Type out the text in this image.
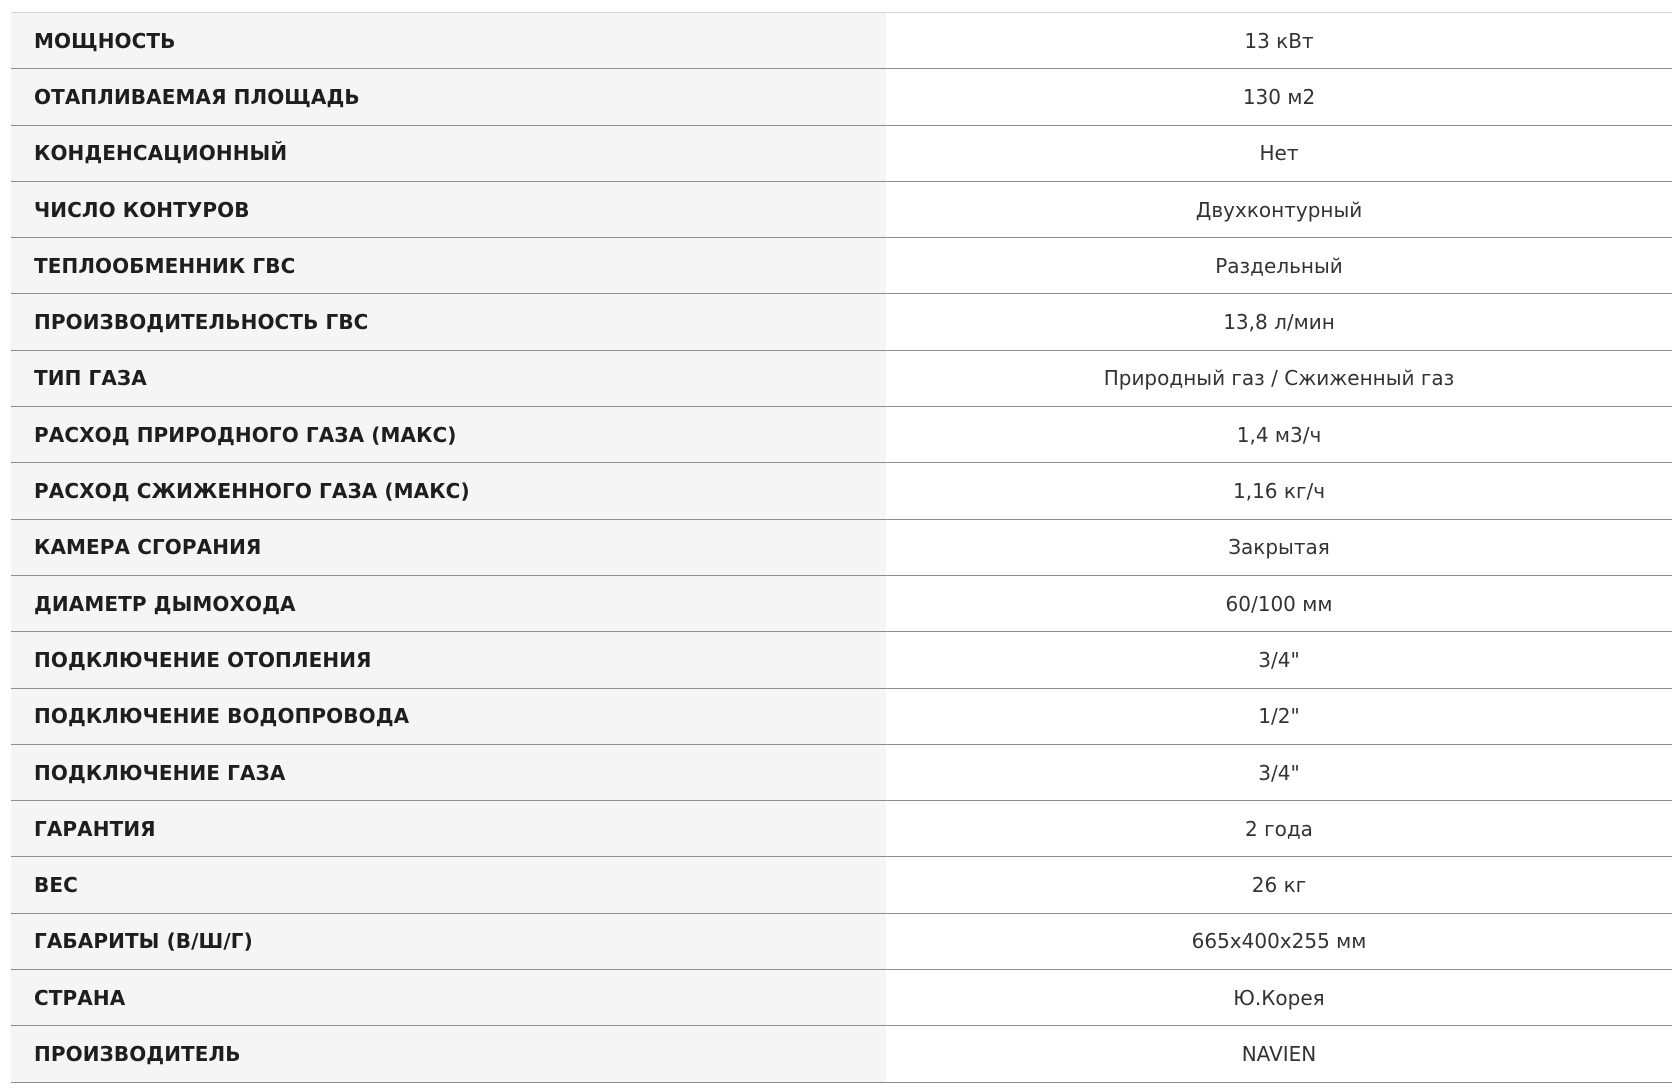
МОЩНОСТЬ	13 кВт
ОТАПЛИВАЕМАЯ ПЛОЩАДЬ	130 м2
КОНДЕНСАЦИОННЫЙ	Нет
ЧИСЛО КОНТУРОВ	Двухконтурный
ТЕПЛООБМЕННИК ГВС	Раздельный
ПРОИЗВОДИТЕЛЬНОСТЬ ГВС	13,8 л/мин
ТИП ГАЗА	Природный газ / Сжиженный газ
РАСХОД ПРИРОДНОГО ГАЗА (МАКС)	1,4 м3/ч
РАСХОД СЖИЖЕННОГО ГАЗА (МАКС)	1,16 кг/ч
КАМЕРА СГОРАНИЯ	Закрытая
ДИАМЕТР ДЫМОХОДА	60/100 мм
ПОДКЛЮЧЕНИЕ ОТОПЛЕНИЯ	3/4"
ПОДКЛЮЧЕНИЕ ВОДОПРОВОДА	1/2"
ПОДКЛЮЧЕНИЕ ГАЗА	3/4"
ГАРАНТИЯ	2 года
ВЕС	26 кг
ГАБАРИТЫ (В/Ш/Г)	665x400x255 мм
СТРАНА	Ю.Корея
ПРОИЗВОДИТЕЛЬ	NAVIEN
